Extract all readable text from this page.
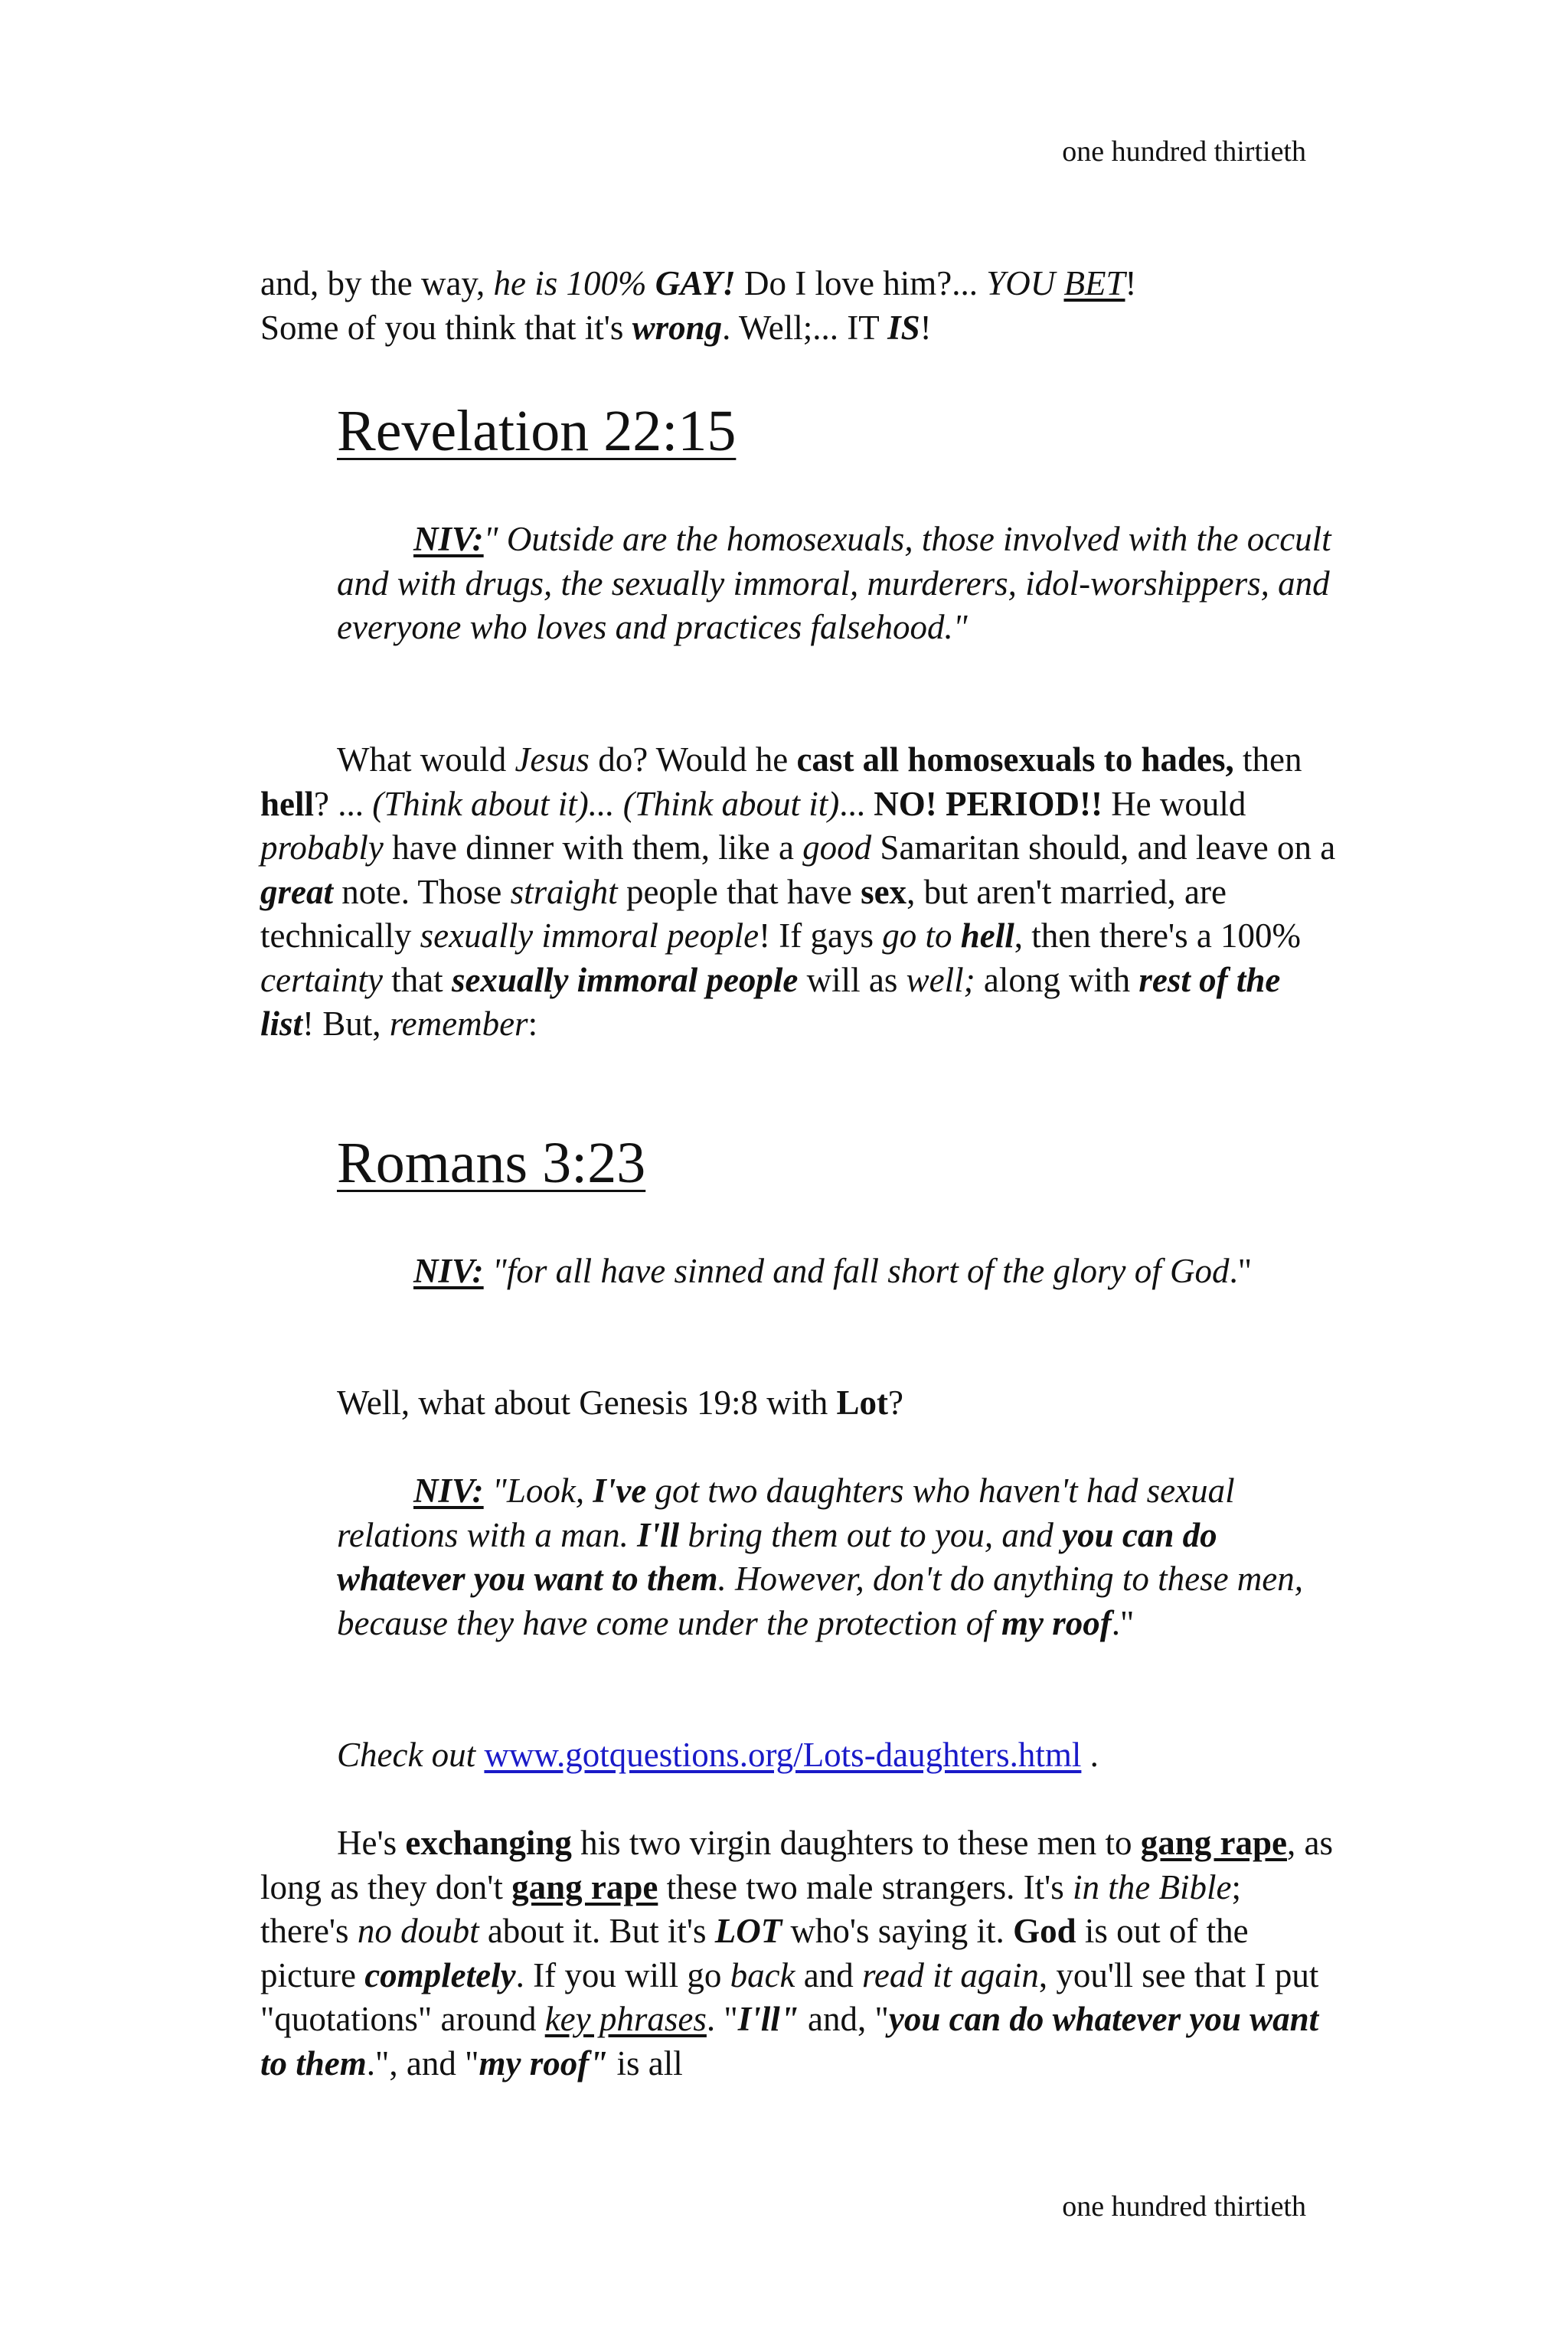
one hundred thirtieth

and, by the way, he is 100% GAY! Do I love him?... YOU BET!

Some of you think that it's wrong. Well;... IT IS!

Revelation 22:15

NIV:" Outside are the homosexuals, those involved with the occult and with drugs, the sexually immoral, murderers, idol-worshippers, and everyone who loves and practices falsehood."

What would Jesus do? Would he cast all homosexuals to hades, then hell? ... (Think about it)... (Think about it)... NO! PERIOD!! He would probably have dinner with them, like a good Samaritan should, and leave on a great note. Those straight people that have sex, but aren't married, are technically sexually immoral people! If gays go to hell, then there's a 100% certainty that sexually immoral people will as well; along with rest of the list! But, remember:

Romans 3:23

NIV: "for all have sinned and fall short of the glory of God."

Well, what about Genesis 19:8 with Lot?

NIV: "Look, I've got two daughters who haven't had sexual relations with a man. I'll bring them out to you, and you can do whatever you want to them. However, don't do anything to these men, because they have come under the protection of my roof."

Check out www.gotquestions.org/Lots-daughters.html .

He's exchanging his two virgin daughters to these men to gang rape, as long as they don't gang rape these two male strangers. It's in the Bible; there's no doubt about it. But it's LOT who's saying it. God is out of the picture completely. If you will go back and read it again, you'll see that I put "quotations" around key phrases. "I'll" and, "you can do whatever you want to them.", and "my roof" is all

one hundred thirtieth
